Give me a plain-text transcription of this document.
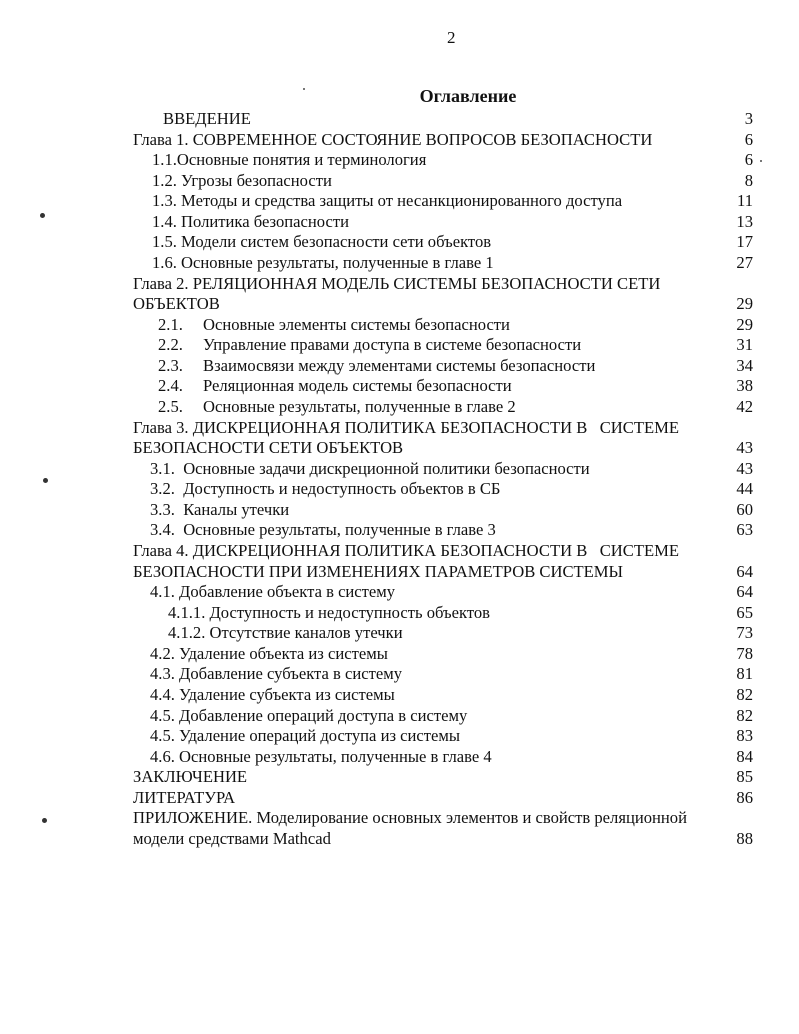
2
Оглавление
ВВЕДЕНИЕ	3
Глава 1. СОВРЕМЕННОЕ СОСТОЯНИЕ ВОПРОСОВ БЕЗОПАСНОСТИ	6
1.1.Основные понятия и терминология	6
1.2. Угрозы безопасности	8
1.3. Методы и средства защиты от несанкционированного доступа	11
1.4. Политика безопасности	13
1.5. Модели систем безопасности сети объектов	17
1.6. Основные результаты, полученные в главе 1	27
Глава 2. РЕЛЯЦИОННАЯ МОДЕЛЬ СИСТЕМЫ БЕЗОПАСНОСТИ СЕТИ
ОБЪЕКТОВ	29
2.1. Основные элементы системы безопасности	29
2.2. Управление правами доступа в системе безопасности	31
2.3. Взаимосвязи между элементами системы безопасности	34
2.4. Реляционная модель системы безопасности	38
2.5. Основные результаты, полученные в главе 2	42
Глава 3. ДИСКРЕЦИОННАЯ ПОЛИТИКА БЕЗОПАСНОСТИ В   СИСТЕМЕ
БЕЗОПАСНОСТИ СЕТИ ОБЪЕКТОВ	43
3.1.  Основные задачи дискреционной политики безопасности	43
3.2.  Доступность и недоступность объектов в СБ	44
3.3.  Каналы утечки	60
3.4.  Основные результаты, полученные в главе 3	63
Глава 4. ДИСКРЕЦИОННАЯ ПОЛИТИКА БЕЗОПАСНОСТИ В   СИСТЕМЕ
БЕЗОПАСНОСТИ ПРИ ИЗМЕНЕНИЯХ ПАРАМЕТРОВ СИСТЕМЫ	64
4.1. Добавление объекта в систему	64
4.1.1. Доступность и недоступность объектов	65
4.1.2. Отсутствие каналов утечки	73
4.2. Удаление объекта из системы	78
4.3. Добавление субъекта в систему	81
4.4. Удаление субъекта из системы	82
4.5. Добавление операций доступа в систему	82
4.5. Удаление операций доступа из системы	83
4.6. Основные результаты, полученные в главе 4	84
ЗАКЛЮЧЕНИЕ	85
ЛИТЕРАТУРА	86
ПРИЛОЖЕНИЕ. Моделирование основных элементов и свойств реляционной
модели средствами Mathcad	88
